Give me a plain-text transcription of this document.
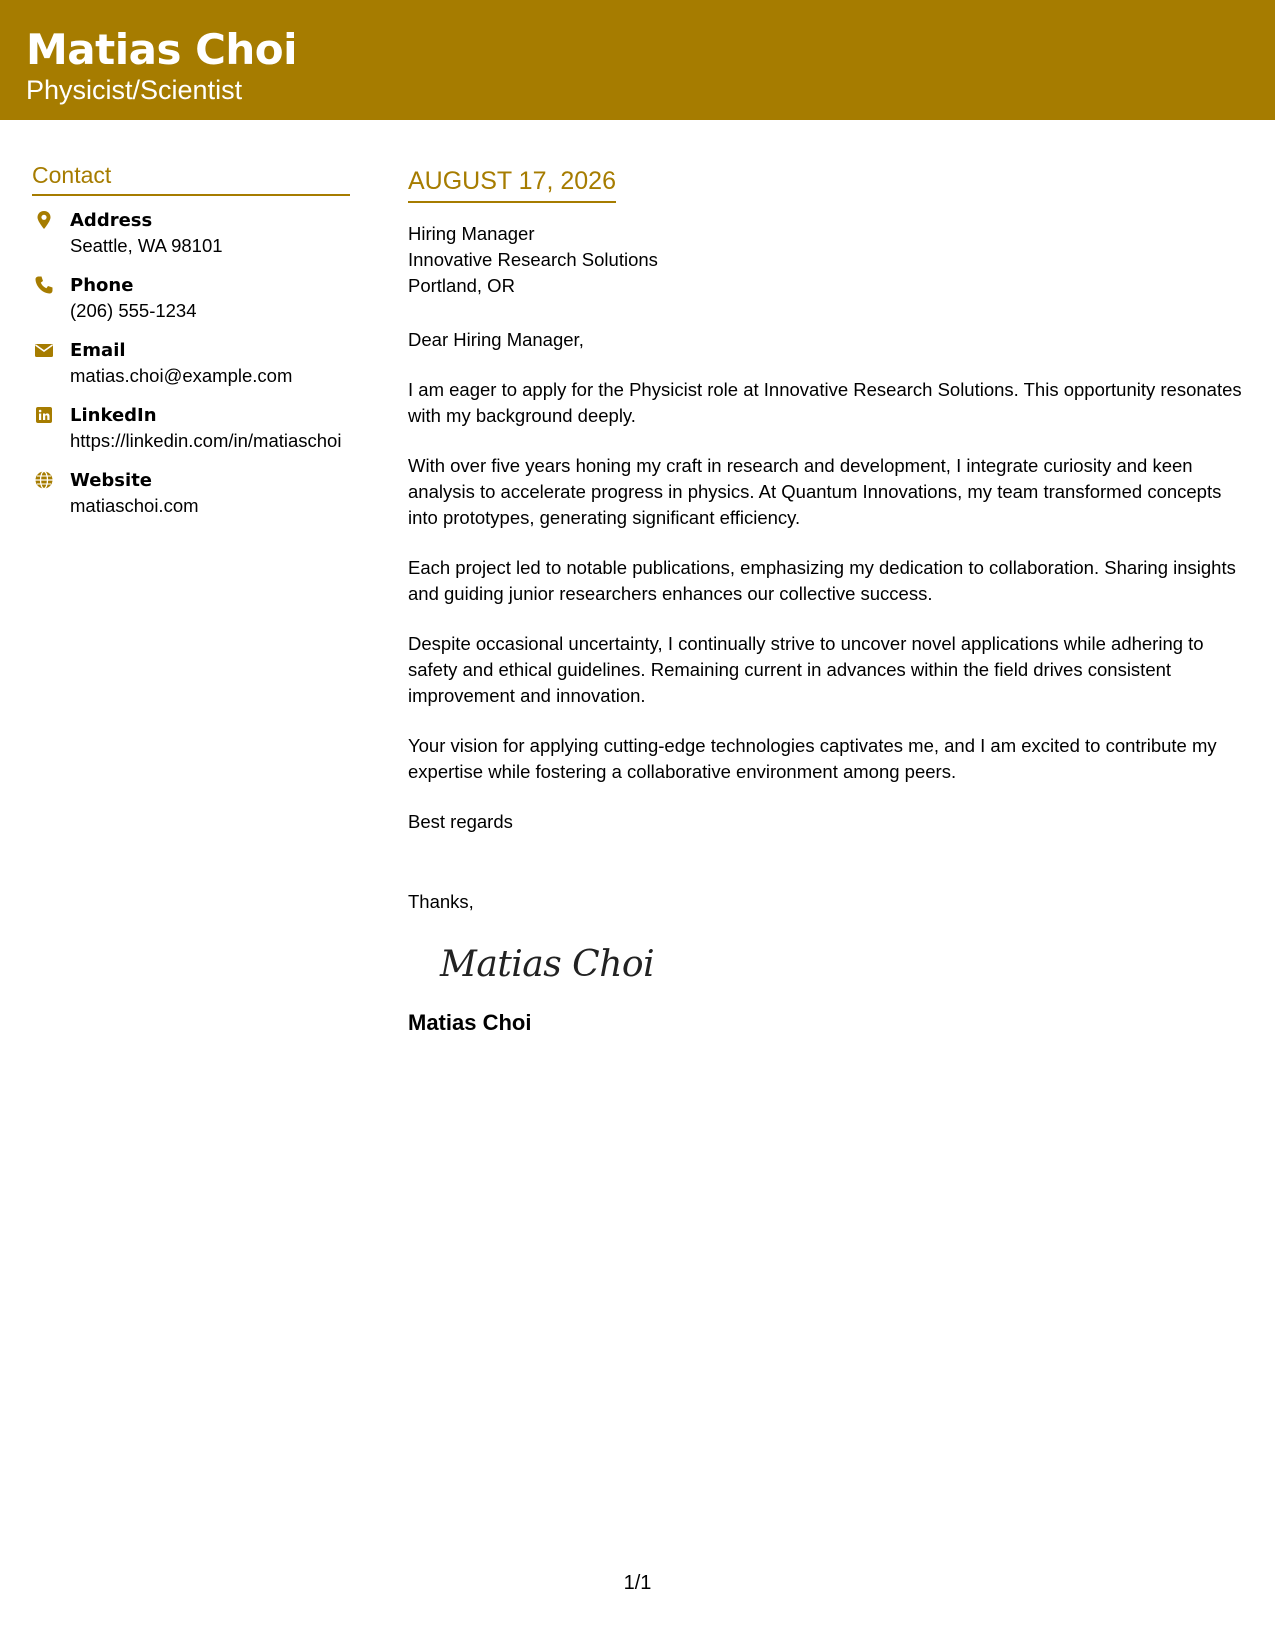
Matias Choi
Physicist/Scientist
Contact
Address
Seattle, WA 98101
Phone
(206) 555-1234
Email
matias.choi@example.com
LinkedIn
https://linkedin.com/in/matiaschoi
Website
matiaschoi.com
AUGUST 17, 2026
Hiring Manager
Innovative Research Solutions
Portland, OR

Dear Hiring Manager,

I am eager to apply for the Physicist role at Innovative Research Solutions. This opportunity resonates with my background deeply.

With over five years honing my craft in research and development, I integrate curiosity and keen analysis to accelerate progress in physics. At Quantum Innovations, my team transformed concepts into prototypes, generating significant efficiency.

Each project led to notable publications, emphasizing my dedication to collaboration. Sharing insights and guiding junior researchers enhances our collective success.

Despite occasional uncertainty, I continually strive to uncover novel applications while adhering to safety and ethical guidelines. Remaining current in advances within the field drives consistent improvement and innovation.

Your vision for applying cutting-edge technologies captivates me, and I am excited to contribute my expertise while fostering a collaborative environment among peers.

Best regards

Thanks,

Matias Choi
Matias Choi
1/1
